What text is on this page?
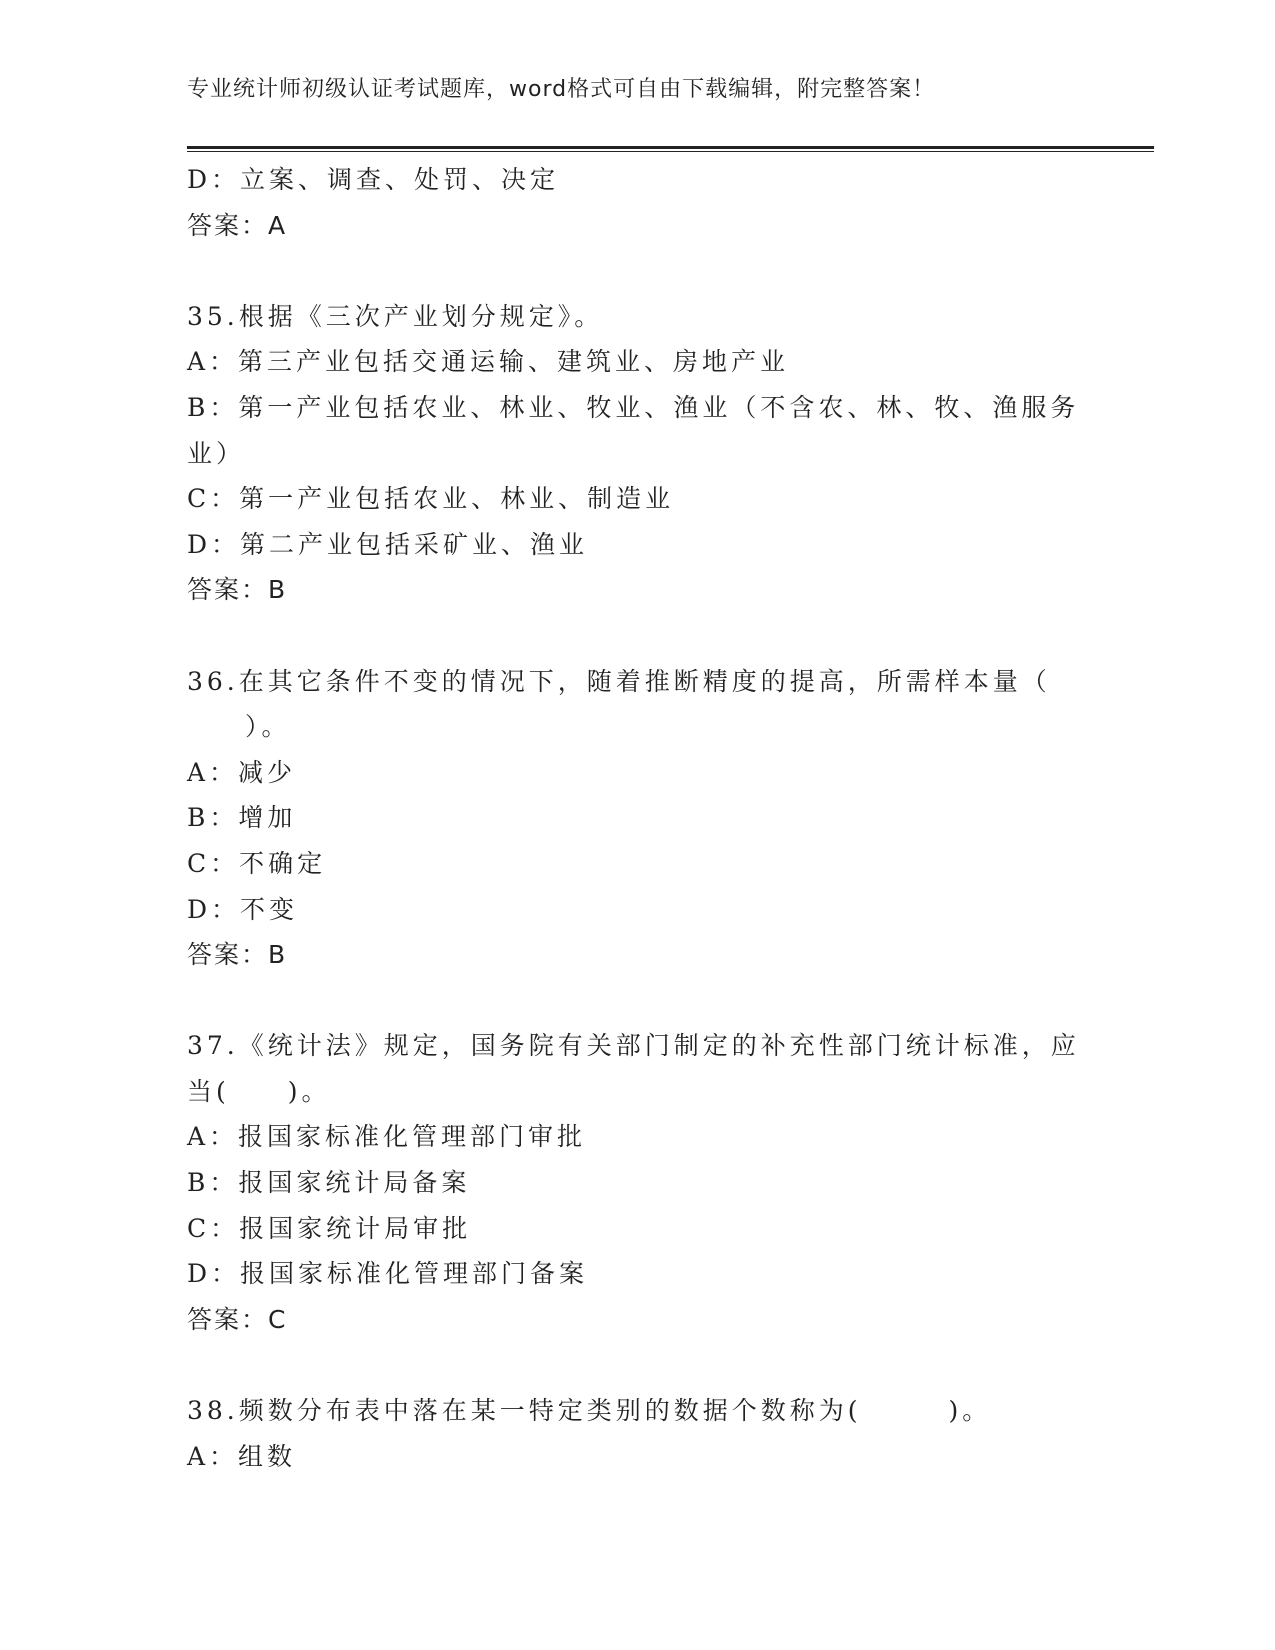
专业统计师初级认证考试题库，word格式可自由下载编辑，附完整答案！
D：立案、调查、处罚、决定
答案：A
35.根据《三次产业划分规定》。
A：第三产业包括交通运输、建筑业、房地产业
B：第一产业包括农业、林业、牧业、渔业（不含农、林、牧、渔服务
业）
C：第一产业包括农业、林业、制造业
D：第二产业包括采矿业、渔业
答案：B
36.在其它条件不变的情况下，随着推断精度的提高，所需样本量（
　　）。
A：减少
B：增加
C：不确定
D：不变
答案：B
37.《统计法》规定，国务院有关部门制定的补充性部门统计标准，应
当(　　)。
A：报国家标准化管理部门审批
B：报国家统计局备案
C：报国家统计局审批
D：报国家标准化管理部门备案
答案：C
38.频数分布表中落在某一特定类别的数据个数称为(　　　)。
A：组数
